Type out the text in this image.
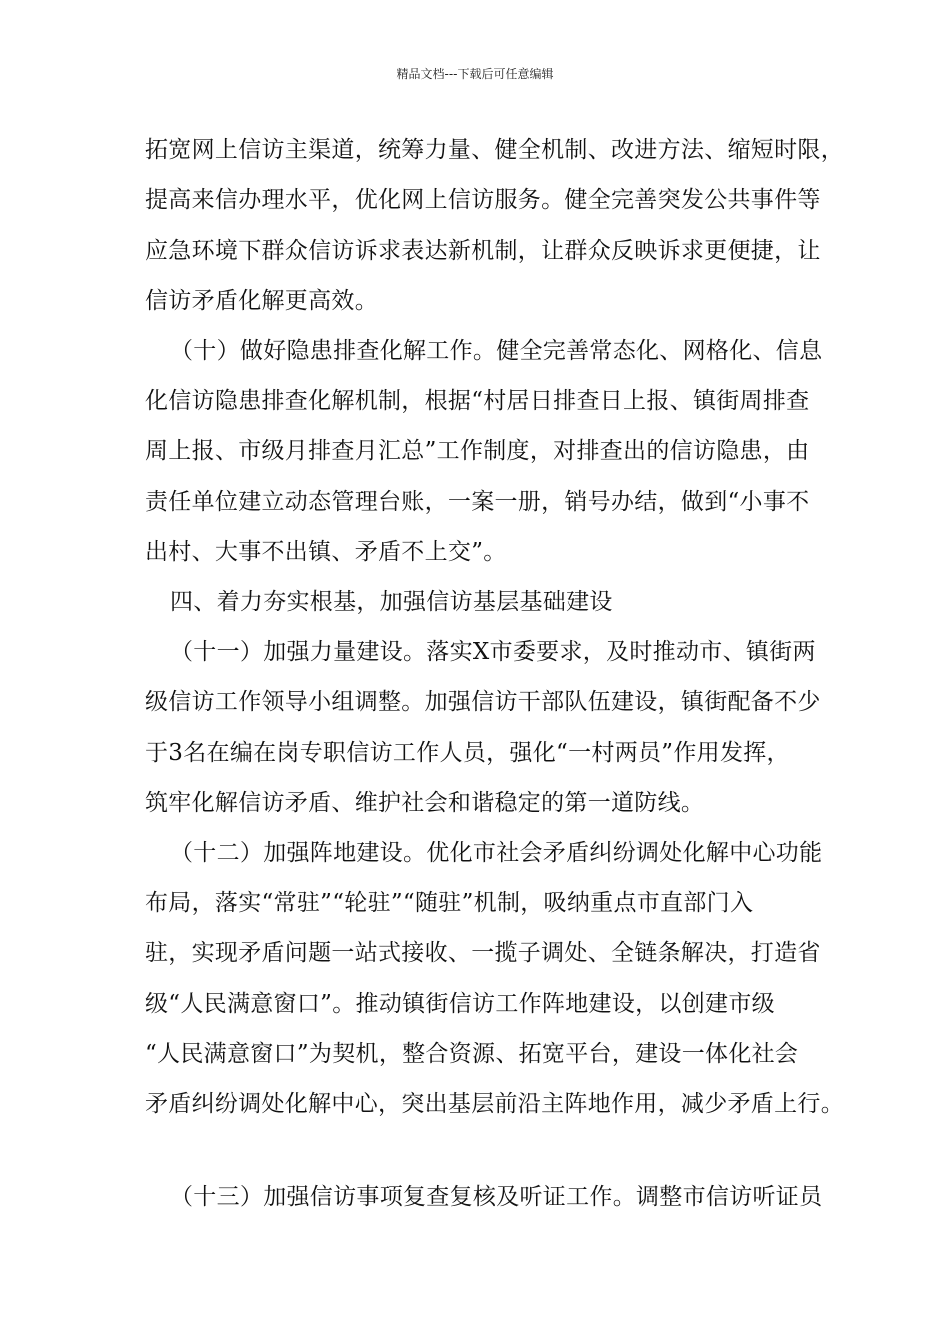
精品文档---下载后可任意编辑
拓宽网上信访主渠道，统筹力量、健全机制、改进方法、缩短时限，
提高来信办理水平，优化网上信访服务。健全完善突发公共事件等
应急环境下群众信访诉求表达新机制，让群众反映诉求更便捷，让
信访矛盾化解更高效。
（十）做好隐患排查化解工作。健全完善常态化、网格化、信息
化信访隐患排查化解机制，根据“村居日排查日上报、镇街周排查
周上报、市级月排查月汇总”工作制度，对排查出的信访隐患，由
责任单位建立动态管理台账，一案一册，销号办结，做到“小事不
出村、大事不出镇、矛盾不上交”。
四、着力夯实根基，加强信访基层基础建设
（十一）加强力量建设。落实X市委要求，及时推动市、镇街两
级信访工作领导小组调整。加强信访干部队伍建设，镇街配备不少
于3名在编在岗专职信访工作人员，强化“一村两员”作用发挥，
筑牢化解信访矛盾、维护社会和谐稳定的第一道防线。
（十二）加强阵地建设。优化市社会矛盾纠纷调处化解中心功能
布局，落实“常驻”“轮驻”“随驻”机制，吸纳重点市直部门入
驻，实现矛盾问题一站式接收、一揽子调处、全链条解决，打造省
级“人民满意窗口”。推动镇街信访工作阵地建设，以创建市级
“人民满意窗口”为契机，整合资源、拓宽平台，建设一体化社会
矛盾纠纷调处化解中心，突出基层前沿主阵地作用，减少矛盾上行。
（十三）加强信访事项复查复核及听证工作。调整市信访听证员
